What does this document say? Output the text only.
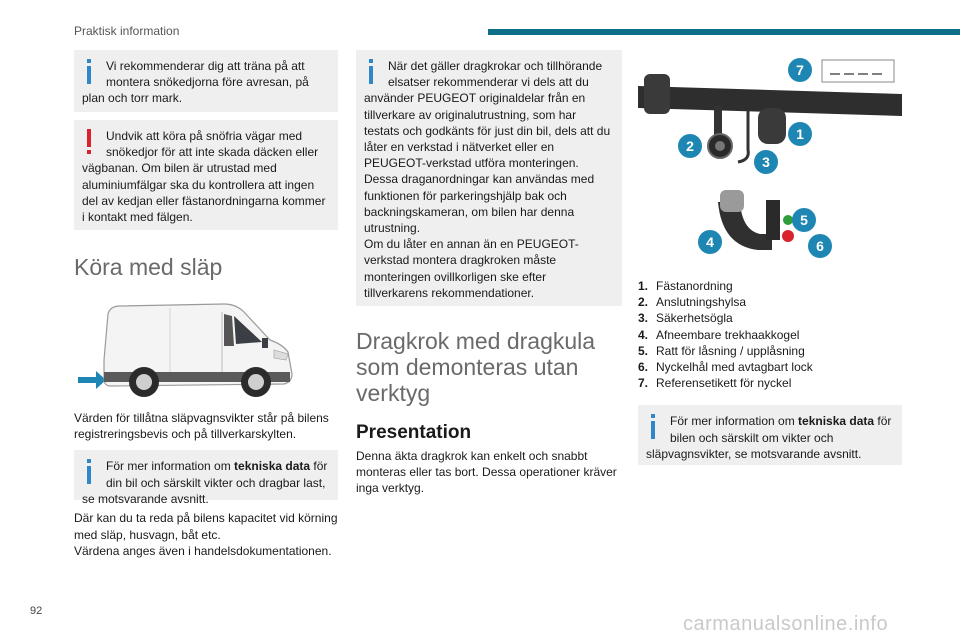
Praktisk information
Vi rekommenderar dig att träna på att montera snökedjorna före avresan, på plan och torr mark.
Undvik att köra på snöfria vägar med snökedjor för att inte skada däcken eller vägbanan. Om bilen är utrustad med aluminiumfälgar ska du kontrollera att ingen del av kedjan eller fästanordningarna kommer i kontakt med fälgen.
Köra med släp
Värden för tillåtna släpvagnsvikter står på bilens registreringsbevis och på tillverkarskylten.
För mer information om tekniska data för din bil och särskilt vikter och dragbar last, se motsvarande avsnitt.
Där kan du ta reda på bilens kapacitet vid körning med släp, husvagn, båt etc.
Värdena anges även i handelsdokumentationen.
När det gäller dragkrokar och tillhörande elsatser rekommenderar vi dels att du använder PEUGEOT originaldelar från en tillverkare av originalutrustning, som har testats och godkänts för just din bil, dels att du låter en verkstad i nätverket eller en PEUGEOT-verkstad utföra monteringen.
Dessa draganordningar kan användas med funktionen för parkeringshjälp bak och backningskameran, om bilen har denna utrustning.
Om du låter en annan än en PEUGEOT-verkstad montera dragkroken måste monteringen ovillkorligen ske efter tillverkarens rekommendationer.
Dragkrok med dragkula som demonteras utan verktyg
Presentation
Denna äkta dragkrok kan enkelt och snabbt monteras eller tas bort. Dessa operationer kräver inga verktyg.
1
2
3
4
5
6
7
1. Fästanordning
2. Anslutningshylsa
3. Säkerhetsögla
4. Afneembare trekhaakkogel
5. Ratt för låsning / upplåsning
6. Nyckelhål med avtagbart lock
7. Referensetikett för nyckel
För mer information om tekniska data för bilen och särskilt om vikter och släpvagnsvikter, se motsvarande avsnitt.
92
carmanualsonline.info
